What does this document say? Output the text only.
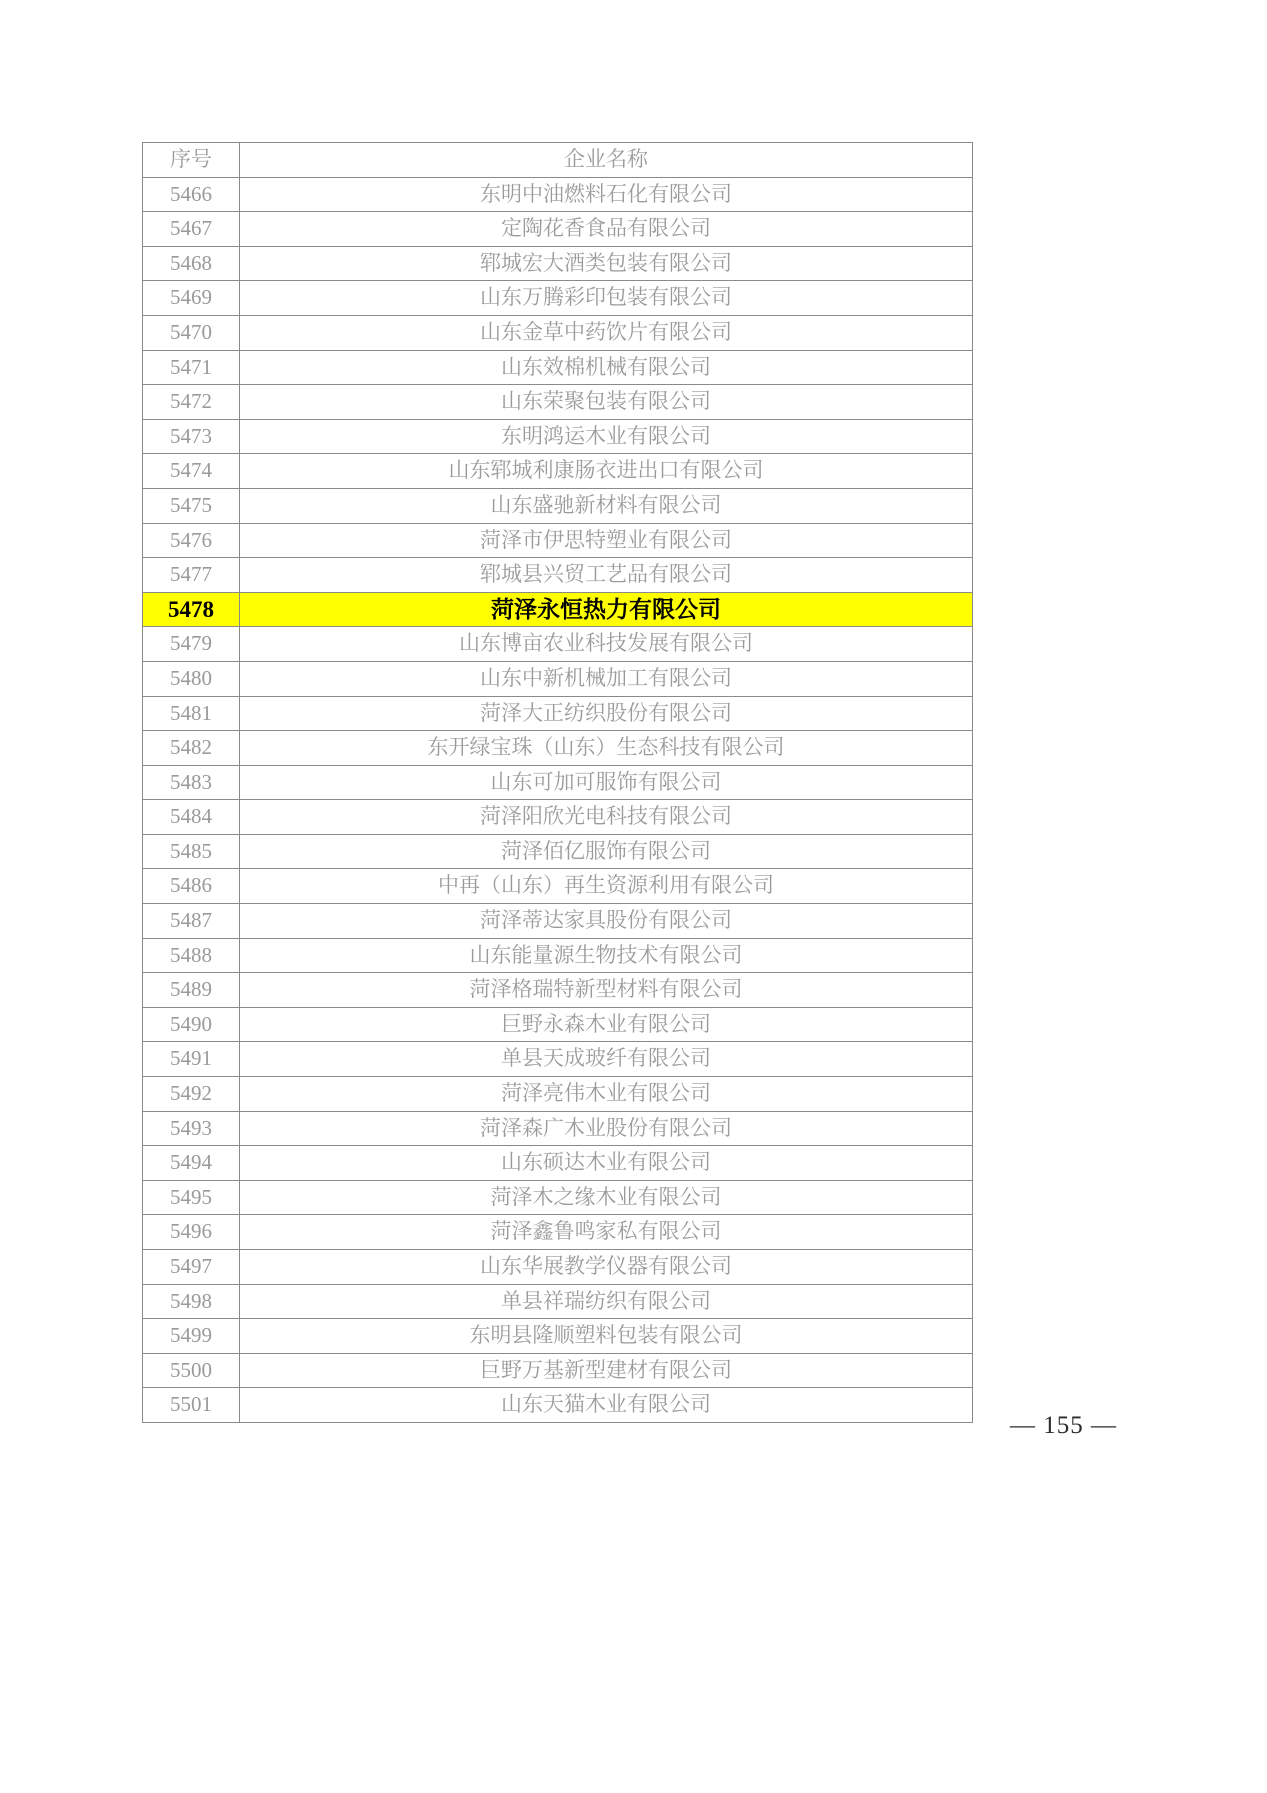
序号	企业名称
5466	东明中油燃料石化有限公司
5467	定陶花香食品有限公司
5468	郓城宏大酒类包装有限公司
5469	山东万腾彩印包装有限公司
5470	山东金草中药饮片有限公司
5471	山东效棉机械有限公司
5472	山东荣聚包装有限公司
5473	东明鸿运木业有限公司
5474	山东郓城利康肠衣进出口有限公司
5475	山东盛驰新材料有限公司
5476	菏泽市伊思特塑业有限公司
5477	郓城县兴贸工艺品有限公司
5478	菏泽永恒热力有限公司
5479	山东博亩农业科技发展有限公司
5480	山东中新机械加工有限公司
5481	菏泽大正纺织股份有限公司
5482	东开绿宝珠（山东）生态科技有限公司
5483	山东可加可服饰有限公司
5484	菏泽阳欣光电科技有限公司
5485	菏泽佰亿服饰有限公司
5486	中再（山东）再生资源利用有限公司
5487	菏泽蒂达家具股份有限公司
5488	山东能量源生物技术有限公司
5489	菏泽格瑞特新型材料有限公司
5490	巨野永森木业有限公司
5491	单县天成玻纤有限公司
5492	菏泽亮伟木业有限公司
5493	菏泽森广木业股份有限公司
5494	山东硕达木业有限公司
5495	菏泽木之缘木业有限公司
5496	菏泽鑫鲁鸣家私有限公司
5497	山东华展教学仪器有限公司
5498	单县祥瑞纺织有限公司
5499	东明县隆顺塑料包装有限公司
5500	巨野万基新型建材有限公司
5501	山东天猫木业有限公司
— 155 —
